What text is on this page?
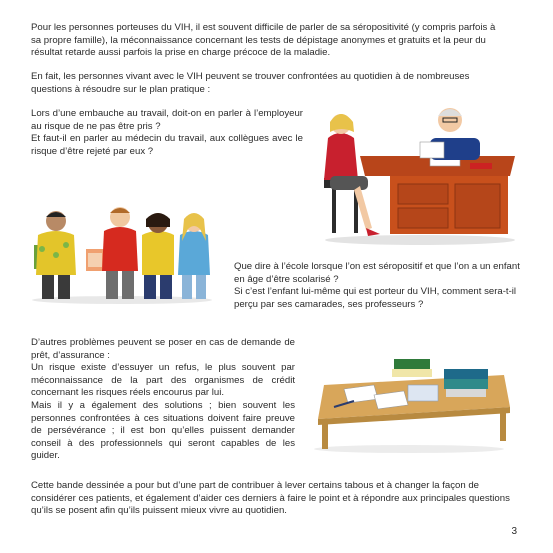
Pour les personnes porteuses du VIH, il est souvent difficile de parler de sa séropositivité (y compris parfois à sa propre famille), la méconnaissance concernant les tests de dépistage anonymes et gratuits et la peur du résultat retarde aussi parfois la prise en charge précoce de la maladie.

En fait, les personnes vivant avec le VIH peuvent se trouver confrontées au quotidien à de nombreuses questions à résoudre sur le plan pratique :

Lors d’une embauche au travail, doit-on en parler à l’employeur au risque de ne pas être pris ?

Et faut-il en parler au médecin du travail, aux collègues avec le risque d’être rejeté par eux ?

Que dire à l’école lorsque l’on est séropositif et que l’on a un enfant en âge d’être scolarisé ?

Si c’est l’enfant lui-même qui est porteur du VIH, comment sera-t-il perçu par ses camarades, ses professeurs ?

D’autres problèmes peuvent se poser en cas de demande de prêt, d’assurance :

Un risque existe d’essuyer un refus, le plus souvent par méconnaissance de la part des organismes de crédit concernant les risques réels encourus par lui.

Mais il y a également des solutions ; bien souvent les personnes confrontées à ces situations doivent faire preuve de persévérance ; il est bon qu’elles puissent demander conseil à des professionnels qui seront capables de les guider.

Cette bande dessinée a pour but d’une part de contribuer à lever certains tabous et à changer la façon de considérer ces patients, et également d’aider ces derniers à faire le point et à répondre aux principales questions qu’ils se posent afin qu’ils puissent mieux vivre au quotidien.

3
